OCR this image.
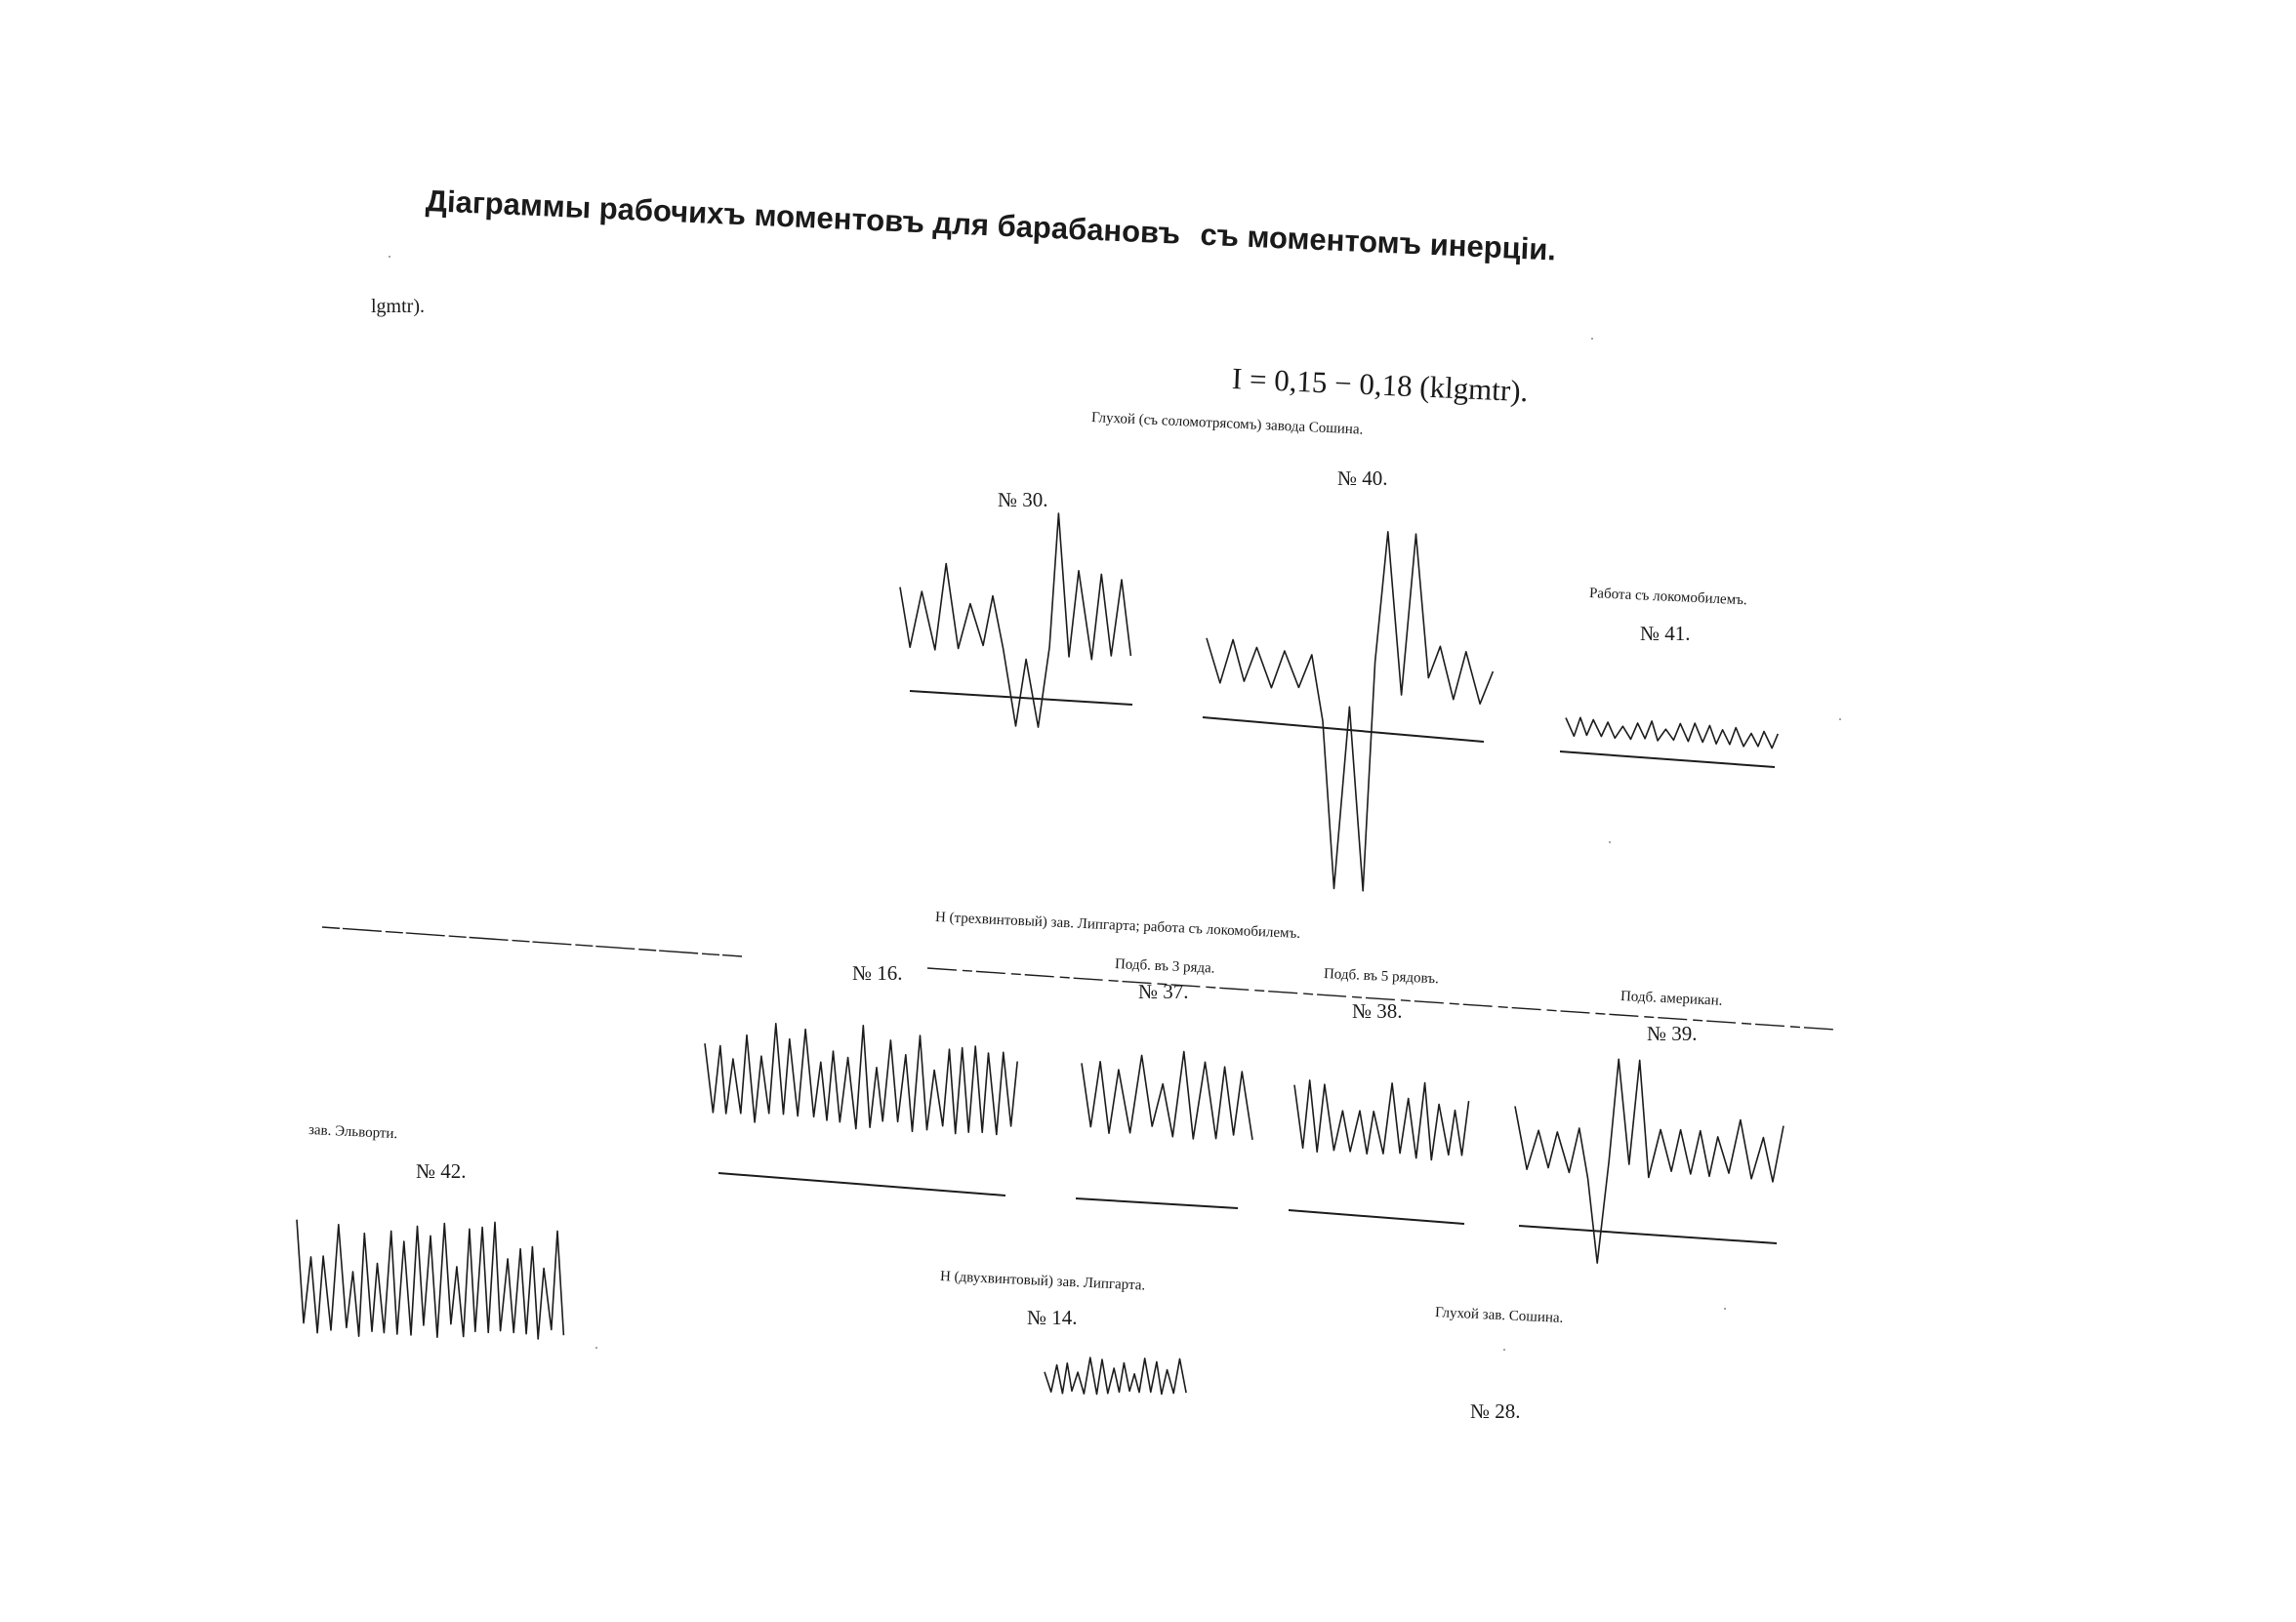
Діаграммы рабочихъ моментовъ для барабановъ съ моментомъ инерціи.
lgmtr).
I = 0,15 − 0,18 (klgmtr).
Глухой (съ соломотрясомъ) завода Сошина.
№ 30.
№ 40.
Работа съ локомобилемъ.
№ 41.
Н (трехвинтовый) зав. Липгарта; работа съ локомобилемъ.
№ 16.	Подб. въ 3 ряда.
№ 37.
Подб. въ 5 рядовъ.
№ 38.
Подб. американ.
№ 39.
зав. Эльворти.
№ 42.
Н (двухвинтовый) зав. Липгарта.
№ 14.	Глухой зав. Сошина.
№ 28.
